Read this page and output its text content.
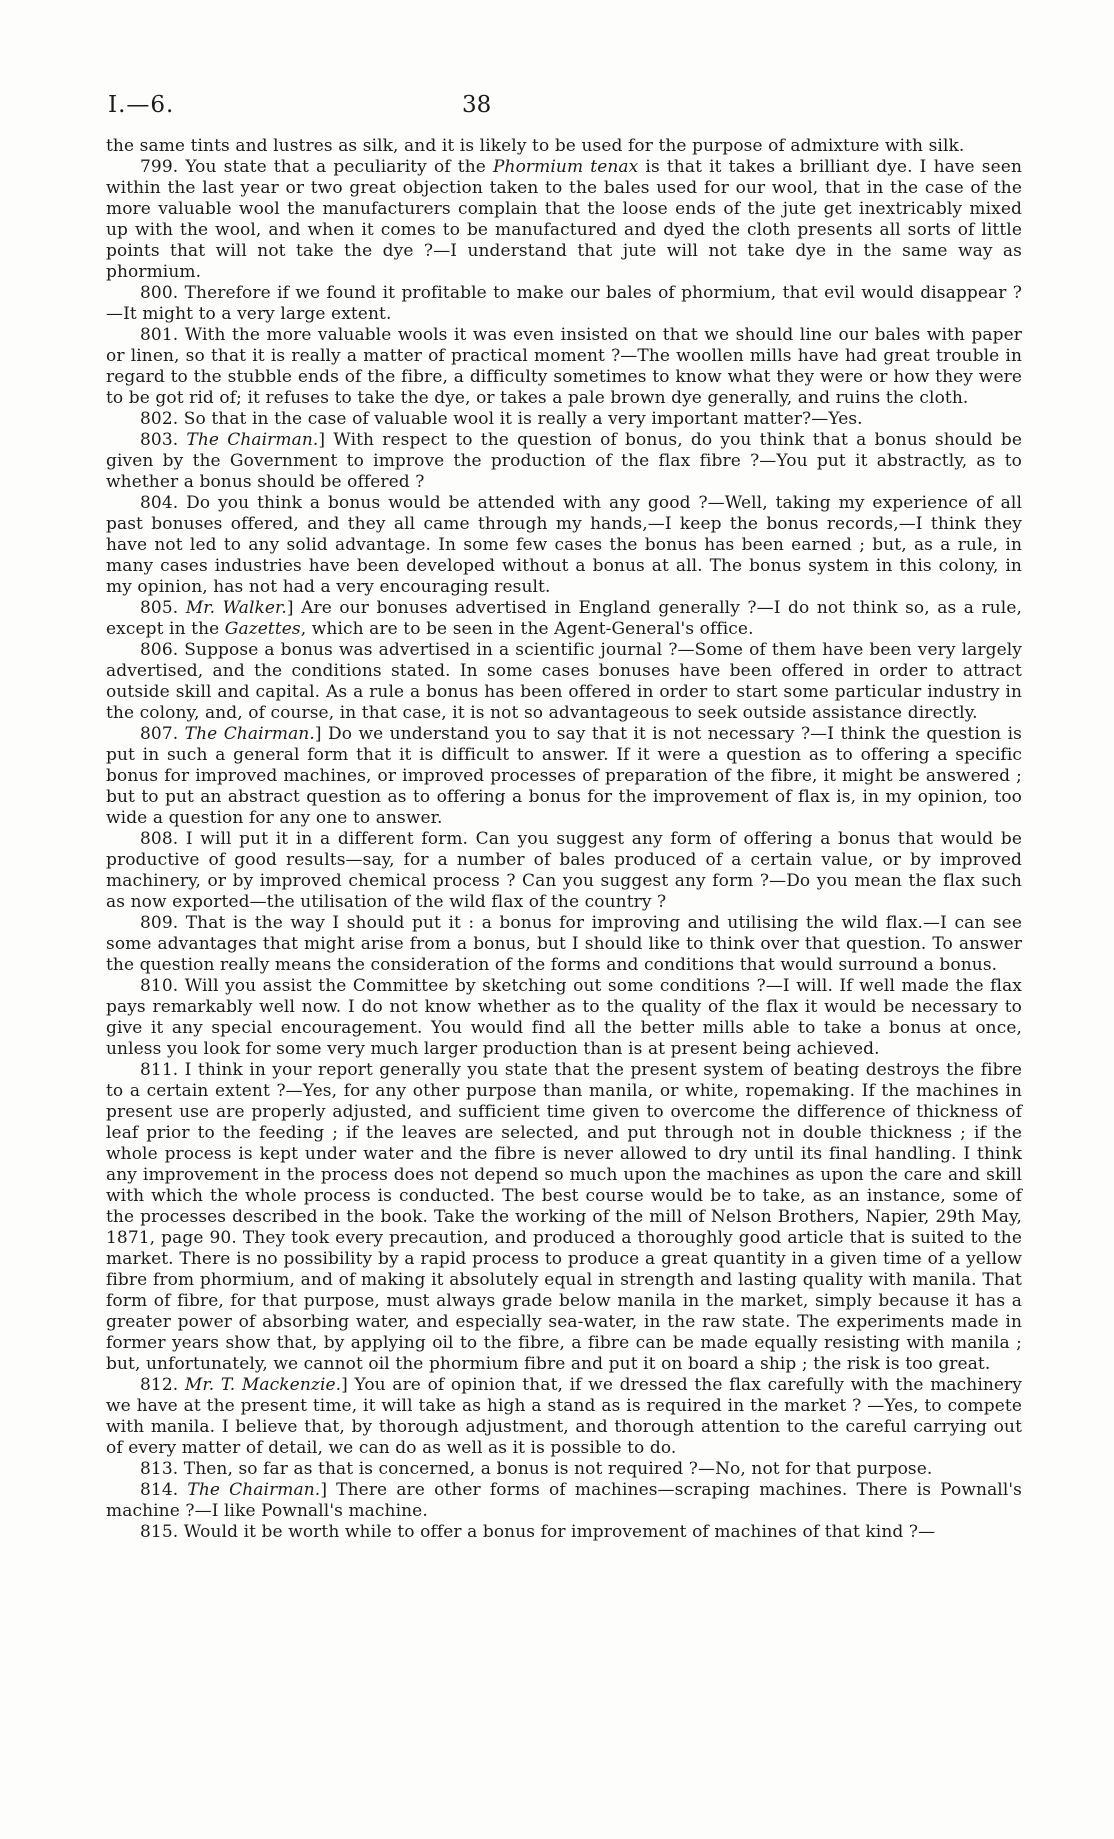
I.—6.	38

the same tints and lustres as silk, and it is likely to be used for the purpose of admixture with silk.

799. You state that a peculiarity of the Phormium tenax is that it takes a brilliant dye. I have seen within the last year or two great objection taken to the bales used for our wool, that in the case of the more valuable wool the manufacturers complain that the loose ends of the jute get inextricably mixed up with the wool, and when it comes to be manufactured and dyed the cloth presents all sorts of little points that will not take the dye ?—I understand that jute will not take dye in the same way as phormium.

800. Therefore if we found it profitable to make our bales of phormium, that evil would disappear ?—It might to a very large extent.

801. With the more valuable wools it was even insisted on that we should line our bales with paper or linen, so that it is really a matter of practical moment ?—The woollen mills have had great trouble in regard to the stubble ends of the fibre, a difficulty sometimes to know what they were or how they were to be got rid of; it refuses to take the dye, or takes a pale brown dye generally, and ruins the cloth.

802. So that in the case of valuable wool it is really a very important matter?—Yes.

803. The Chairman.] With respect to the question of bonus, do you think that a bonus should be given by the Government to improve the production of the flax fibre ?—You put it abstractly, as to whether a bonus should be offered ?

804. Do you think a bonus would be attended with any good ?—Well, taking my experience of all past bonuses offered, and they all came through my hands,—I keep the bonus records,—I think they have not led to any solid advantage. In some few cases the bonus has been earned ; but, as a rule, in many cases industries have been developed without a bonus at all. The bonus system in this colony, in my opinion, has not had a very encouraging result.

805. Mr. Walker.] Are our bonuses advertised in England generally ?—I do not think so, as a rule, except in the Gazettes, which are to be seen in the Agent-General's office.

806. Suppose a bonus was advertised in a scientific journal ?—Some of them have been very largely advertised, and the conditions stated. In some cases bonuses have been offered in order to attract outside skill and capital. As a rule a bonus has been offered in order to start some particular industry in the colony, and, of course, in that case, it is not so advantageous to seek outside assistance directly.

807. The Chairman.] Do we understand you to say that it is not necessary ?—I think the question is put in such a general form that it is difficult to answer. If it were a question as to offering a specific bonus for improved machines, or improved processes of preparation of the fibre, it might be answered ; but to put an abstract question as to offering a bonus for the improvement of flax is, in my opinion, too wide a question for any one to answer.

808. I will put it in a different form. Can you suggest any form of offering a bonus that would be productive of good results—say, for a number of bales produced of a certain value, or by improved machinery, or by improved chemical process ? Can you suggest any form ?—Do you mean the flax such as now exported—the utilisation of the wild flax of the country ?

809. That is the way I should put it : a bonus for improving and utilising the wild flax.—I can see some advantages that might arise from a bonus, but I should like to think over that question. To answer the question really means the consideration of the forms and conditions that would surround a bonus.

810. Will you assist the Committee by sketching out some conditions ?—I will. If well made the flax pays remarkably well now. I do not know whether as to the quality of the flax it would be necessary to give it any special encouragement. You would find all the better mills able to take a bonus at once, unless you look for some very much larger production than is at present being achieved.

811. I think in your report generally you state that the present system of beating destroys the fibre to a certain extent ?—Yes, for any other purpose than manila, or white, ropemaking. If the machines in present use are properly adjusted, and sufficient time given to overcome the difference of thickness of leaf prior to the feeding ; if the leaves are selected, and put through not in double thickness ; if the whole process is kept under water and the fibre is never allowed to dry until its final handling. I think any improvement in the process does not depend so much upon the machines as upon the care and skill with which the whole process is conducted. The best course would be to take, as an instance, some of the processes described in the book. Take the working of the mill of Nelson Brothers, Napier, 29th May, 1871, page 90. They took every precaution, and produced a thoroughly good article that is suited to the market. There is no possibility by a rapid process to produce a great quantity in a given time of a yellow fibre from phormium, and of making it absolutely equal in strength and lasting quality with manila. That form of fibre, for that purpose, must always grade below manila in the market, simply because it has a greater power of absorbing water, and especially sea-water, in the raw state. The experiments made in former years show that, by applying oil to the fibre, a fibre can be made equally resisting with manila ; but, unfortunately, we cannot oil the phormium fibre and put it on board a ship ; the risk is too great.

812. Mr. T. Mackenzie.] You are of opinion that, if we dressed the flax carefully with the machinery we have at the present time, it will take as high a stand as is required in the market ? —Yes, to compete with manila. I believe that, by thorough adjustment, and thorough attention to the careful carrying out of every matter of detail, we can do as well as it is possible to do.

813. Then, so far as that is concerned, a bonus is not required ?—No, not for that purpose.

814. The Chairman.] There are other forms of machines—scraping machines. There is Pownall's machine ?—I like Pownall's machine.

815. Would it be worth while to offer a bonus for improvement of machines of that kind ?—
